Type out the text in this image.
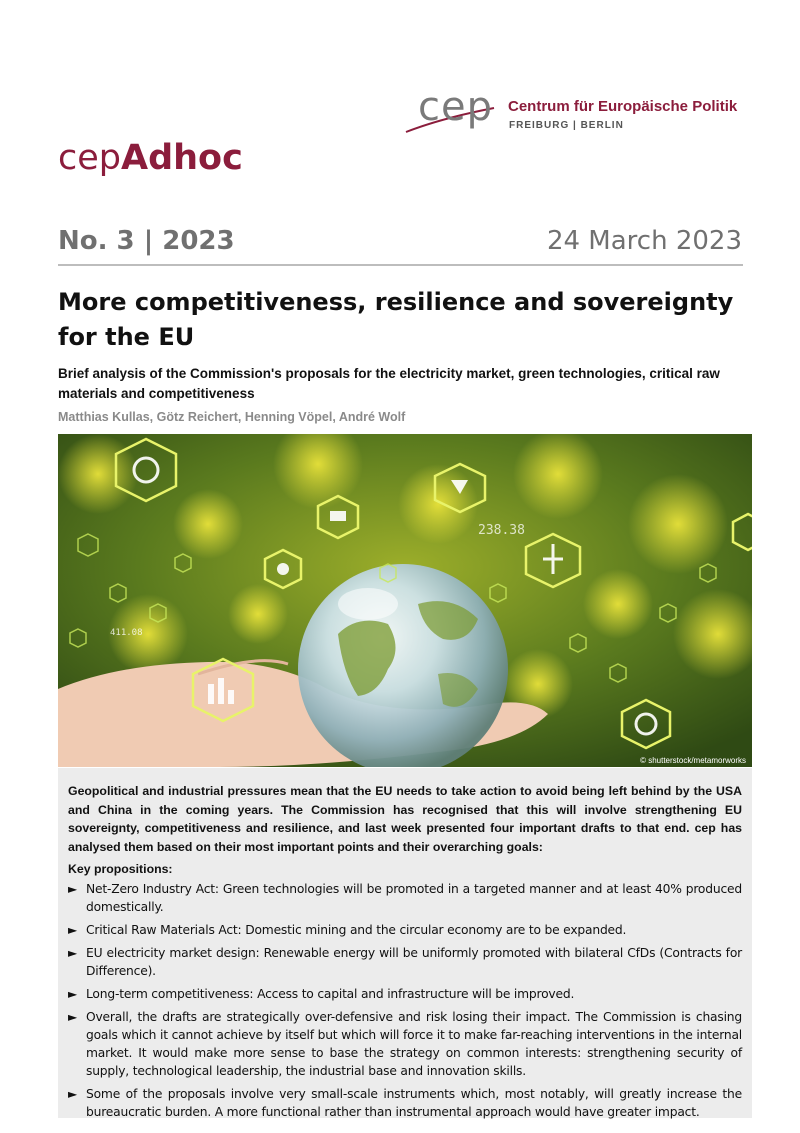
cep Centrum für Europäische Politik
FREIBURG | BERLIN
cepAdhoc
No. 3 | 2023	24 March 2023
More competitiveness, resilience and sovereignty for the EU
Brief analysis of the Commission's proposals for the electricity market, green technologies, critical raw materials and competitiveness
Matthias Kullas, Götz Reichert, Henning Vöpel, André Wolf
238.38
411.08
© shutterstock/metamorworks

Geopolitical and industrial pressures mean that the EU needs to take action to avoid being left behind by the USA and China in the coming years. The Commission has recognised that this will involve strengthening EU sovereignty, competitiveness and resilience, and last week presented four important drafts to that end. cep has analysed them based on their most important points and their overarching goals:

Key propositions:
► Net-Zero Industry Act: Green technologies will be promoted in a targeted manner and at least 40% produced domestically.
► Critical Raw Materials Act: Domestic mining and the circular economy are to be expanded.
► EU electricity market design: Renewable energy will be uniformly promoted with bilateral CfDs (Contracts for Difference).
► Long-term competitiveness: Access to capital and infrastructure will be improved.
► Overall, the drafts are strategically over-defensive and risk losing their impact. The Commission is chasing goals which it cannot achieve by itself but which will force it to make far-reaching interventions in the internal market. It would make more sense to base the strategy on common interests: strengthening security of supply, technological leadership, the industrial base and innovation skills.
► Some of the proposals involve very small-scale instruments which, most notably, will greatly increase the bureaucratic burden. A more functional rather than instrumental approach would have greater impact.
